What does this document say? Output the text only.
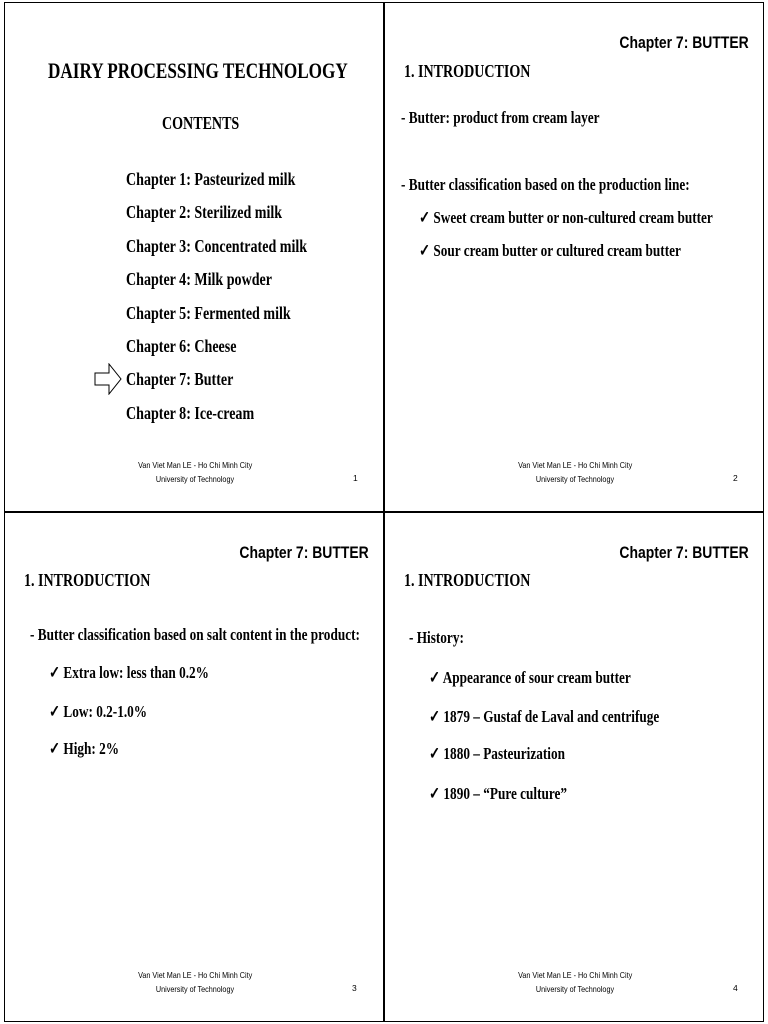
DAIRY PROCESSING TECHNOLOGY
CONTENTS
Chapter 1: Pasteurized milk
Chapter 2: Sterilized milk
Chapter 3: Concentrated milk
Chapter 4: Milk powder
Chapter 5: Fermented milk
Chapter 6: Cheese
Chapter 7: Butter
Chapter 8: Ice-cream
Van Viet Man LE - Ho Chi Minh City
University of Technology	1
Chapter 7: BUTTER
1. INTRODUCTION
- Butter: product from cream layer
- Butter classification based on the production line:
✓ Sweet cream butter or non-cultured cream butter
✓ Sour cream butter or cultured cream butter
Van Viet Man LE - Ho Chi Minh City
University of Technology	2
Chapter 7: BUTTER
1. INTRODUCTION
- Butter classification based on salt content in the product:
✓ Extra low: less than 0.2%
✓ Low: 0.2-1.0%
✓ High: 2%
Van Viet Man LE - Ho Chi Minh City
University of Technology	3
Chapter 7: BUTTER
1. INTRODUCTION
- History:
✓ Appearance of sour cream butter
✓ 1879 – Gustaf de Laval and centrifuge
✓ 1880 – Pasteurization
✓ 1890 – “Pure culture”
Van Viet Man LE - Ho Chi Minh City
University of Technology	4
